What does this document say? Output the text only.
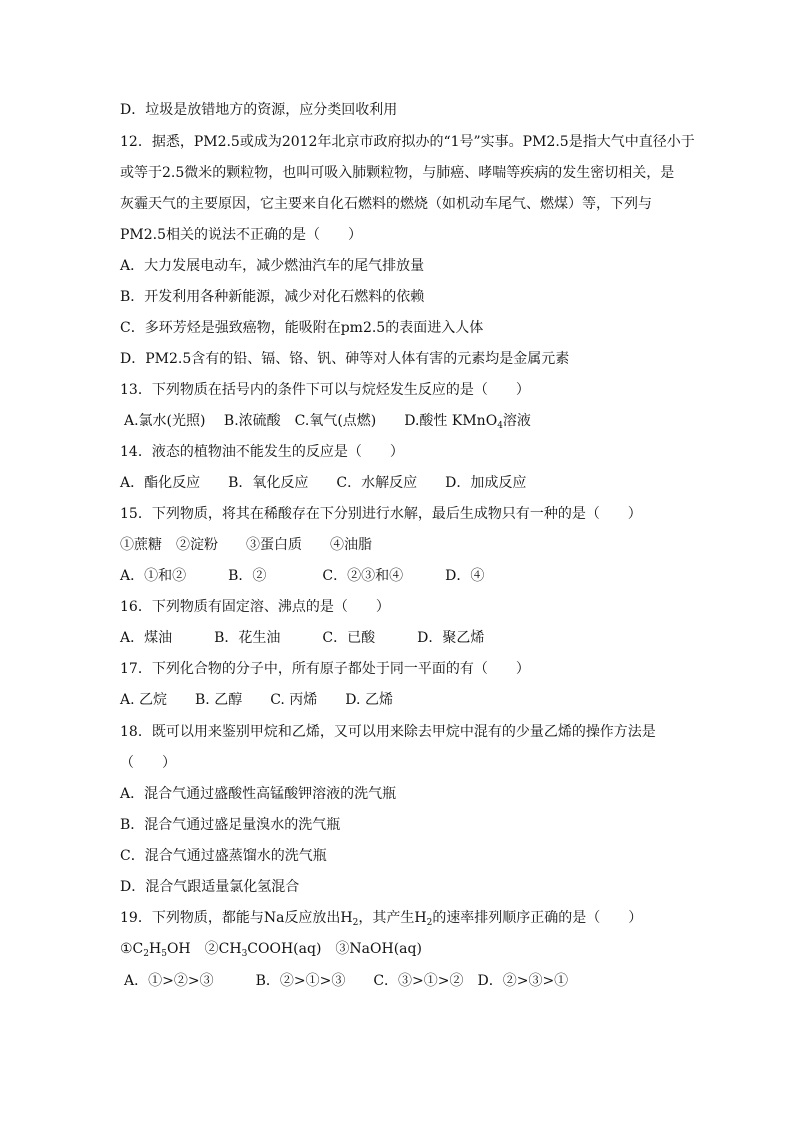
D．垃圾是放错地方的资源，应分类回收利用
12．据悉，PM2.5或成为2012年北京市政府拟办的“1号”实事。PM2.5是指大气中直径小于
或等于2.5微米的颗粒物，也叫可吸入肺颗粒物，与肺癌、哮喘等疾病的发生密切相关，是
灰霾天气的主要原因，它主要来自化石燃料的燃烧（如机动车尾气、燃煤）等，下列与
PM2.5相关的说法不正确的是（　　）
A．大力发展电动车，减少燃油汽车的尾气排放量
B．开发利用各种新能源，减少对化石燃料的依赖
C．多环芳烃是强致癌物，能吸附在pm2.5的表面进入人体
D．PM2.5含有的铅、镉、铬、钒、砷等对人体有害的元素均是金属元素
13．下列物质在括号内的条件下可以与烷烃发生反应的是（　　）
A.氯水(光照)　 B.浓硫酸　C.氧气(点燃)　　D.酸性 KMnO$_4$溶液
14．液态的植物油不能发生的反应是（　　）
A．酯化反应　　B．氧化反应　　C．水解反应　　D．加成反应
15．下列物质，将其在稀酸存在下分别进行水解，最后生成物只有一种的是（　　）
①蔗糖　②淀粉　　③蛋白质　　④油脂
A．①和②　　　B．②　　　　C．②③和④　　　D．④
16．下列物质有固定溶、沸点的是（　　）
A．煤油　　　B．花生油　　　C．已酸　　　D．聚乙烯
17．下列化合物的分子中，所有原子都处于同一平面的有（　　）
A. 乙烷　　B. 乙醇　　C. 丙烯　　D. 乙烯
18．既可以用来鉴别甲烷和乙烯，又可以用来除去甲烷中混有的少量乙烯的操作方法是
（　　）
A．混合气通过盛酸性高锰酸钾溶液的洗气瓶
B．混合气通过盛足量溴水的洗气瓶
C．混合气通过盛蒸馏水的洗气瓶
D．混合气跟适量氯化氢混合
19．下列物质，都能与Na反应放出$H_2$，其产生$H_2$的速率排列顺序正确的是（　　）
$①C_2H_5OH$　$②CH_3COOH(aq)$　③NaOH(aq)
A．①>②>③　　　B．②>①>③　　C．③>①>②　D．②>③>①
